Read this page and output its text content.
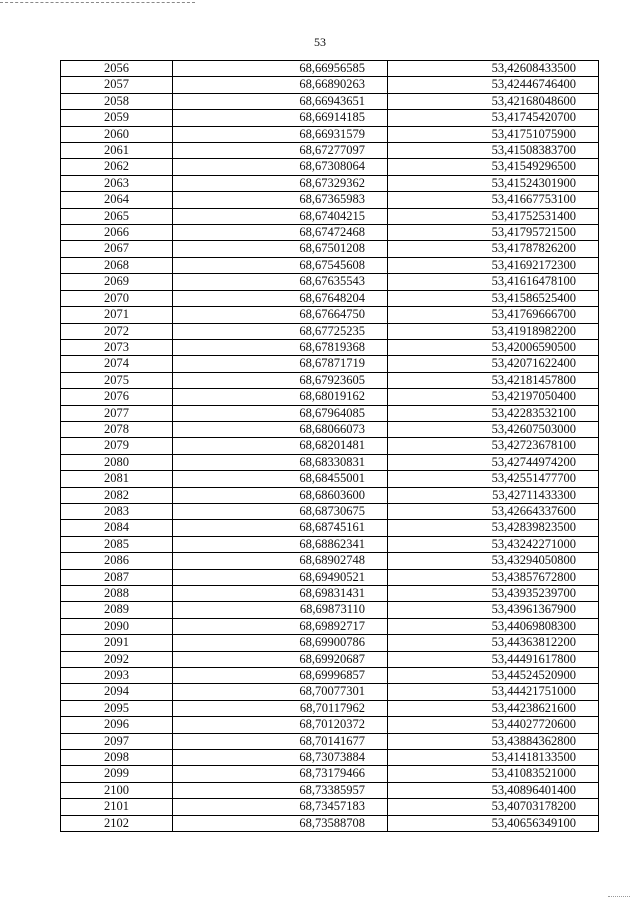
53
2056	68,66956585	53,42608433500
2057	68,66890263	53,42446746400
2058	68,66943651	53,42168048600
2059	68,66914185	53,41745420700
2060	68,66931579	53,41751075900
2061	68,67277097	53,41508383700
2062	68,67308064	53,41549296500
2063	68,67329362	53,41524301900
2064	68,67365983	53,41667753100
2065	68,67404215	53,41752531400
2066	68,67472468	53,41795721500
2067	68,67501208	53,41787826200
2068	68,67545608	53,41692172300
2069	68,67635543	53,41616478100
2070	68,67648204	53,41586525400
2071	68,67664750	53,41769666700
2072	68,67725235	53,41918982200
2073	68,67819368	53,42006590500
2074	68,67871719	53,42071622400
2075	68,67923605	53,42181457800
2076	68,68019162	53,42197050400
2077	68,67964085	53,42283532100
2078	68,68066073	53,42607503000
2079	68,68201481	53,42723678100
2080	68,68330831	53,42744974200
2081	68,68455001	53,42551477700
2082	68,68603600	53,42711433300
2083	68,68730675	53,42664337600
2084	68,68745161	53,42839823500
2085	68,68862341	53,43242271000
2086	68,68902748	53,43294050800
2087	68,69490521	53,43857672800
2088	68,69831431	53,43935239700
2089	68,69873110	53,43961367900
2090	68,69892717	53,44069808300
2091	68,69900786	53,44363812200
2092	68,69920687	53,44491617800
2093	68,69996857	53,44524520900
2094	68,70077301	53,44421751000
2095	68,70117962	53,44238621600
2096	68,70120372	53,44027720600
2097	68,70141677	53,43884362800
2098	68,73073884	53,41418133500
2099	68,73179466	53,41083521000
2100	68,73385957	53,40896401400
2101	68,73457183	53,40703178200
2102	68,73588708	53,40656349100
